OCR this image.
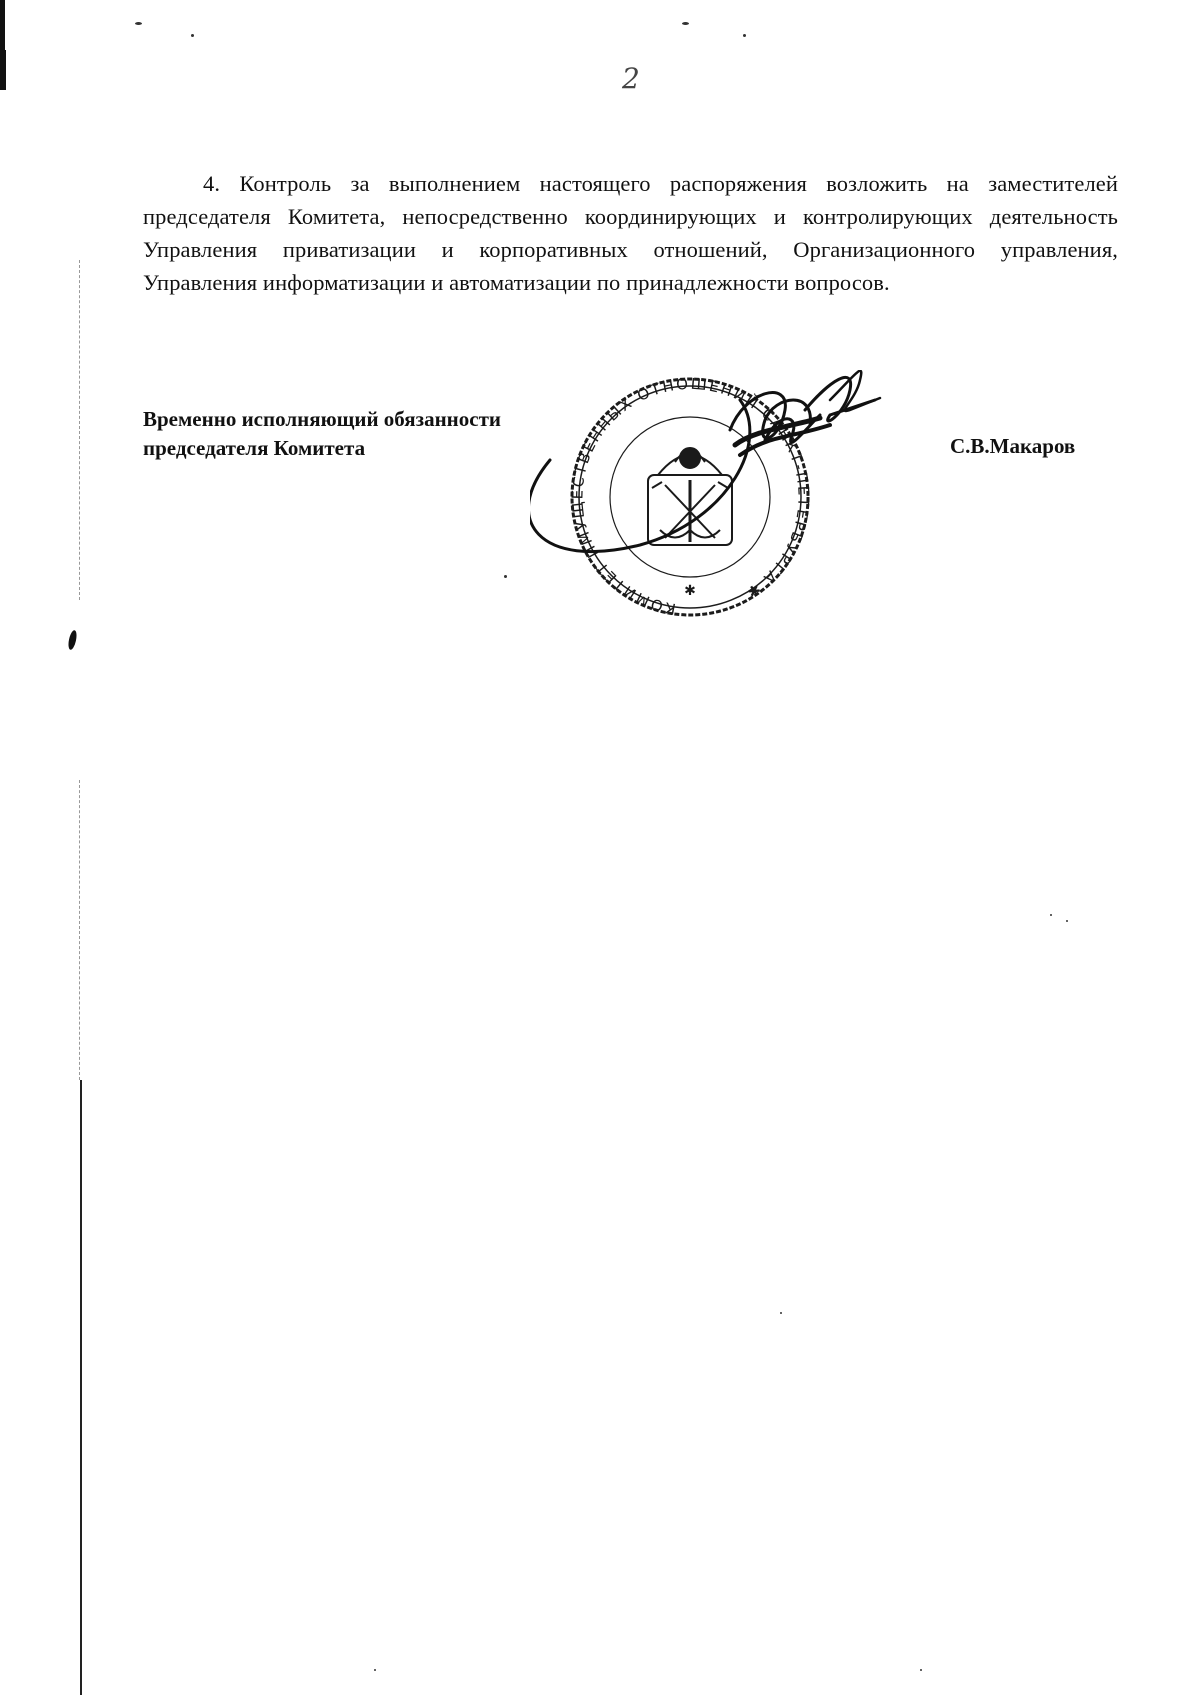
2

4. Контроль за выполнением настоящего распоряжения возложить на заместителей председателя Комитета, непосредственно координирующих и контролирующих деятельность Управления приватизации и корпоративных отношений, Организационного управления, Управления информатизации и автоматизации по принадлежности вопросов.

Временно исполняющий обязанности
председателя Комитета
КОМИТЕТ ИМУЩЕСТВЕННЫХ ОТНОШЕНИЙ САНКТ-ПЕТЕРБУРГА ✱
✱
С.В.Макаров
